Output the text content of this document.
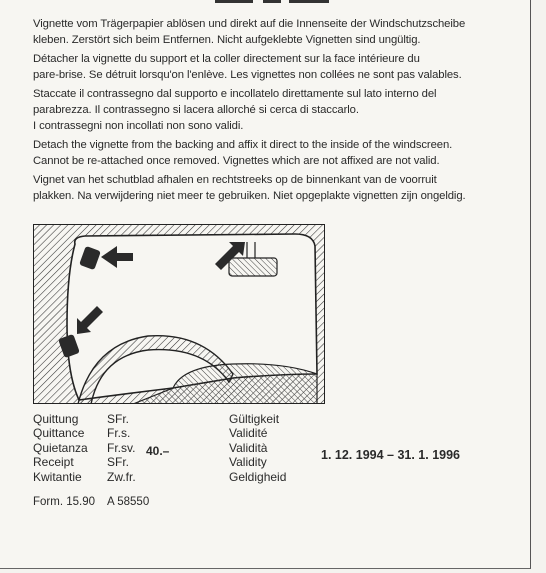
Vignette vom Trägerpapier ablösen und direkt auf die Innenseite der Windschutzscheibe
kleben. Zerstört sich beim Entfernen. Nicht aufgeklebte Vignetten sind ungültig.
Détacher la vignette du support et la coller directement sur la face intérieure du
pare-brise. Se détruit lorsqu'on l'enlève. Les vignettes non collées ne sont pas valables.
Staccate il contrassegno dal supporto e incollatelo direttamente sul lato interno del
parabrezza. Il contrassegno si lacera allorché si cerca di staccarlo.
I contrassegni non incollati non sono validi.
Detach the vignette from the backing and affix it direct to the inside of the windscreen.
Cannot be re-attached once removed. Vignettes which are not affixed are not valid.
Vignet van het schutblad afhalen en rechtstreeks op de binnenkant van de voorruit
plakken. Na verwijdering niet meer te gebruiken. Niet opgeplakte vignetten zijn ongeldig.
Quittung
Quittance
Quietanza
Receipt
Kwitantie
SFr.
Fr.s.
Fr.sv.
SFr.
Zw.fr.
40.–
Gültigkeit
Validité
Validità
Validity
Geldigheid
1. 12. 1994 – 31. 1. 1996
Form. 15.90 A 58550
